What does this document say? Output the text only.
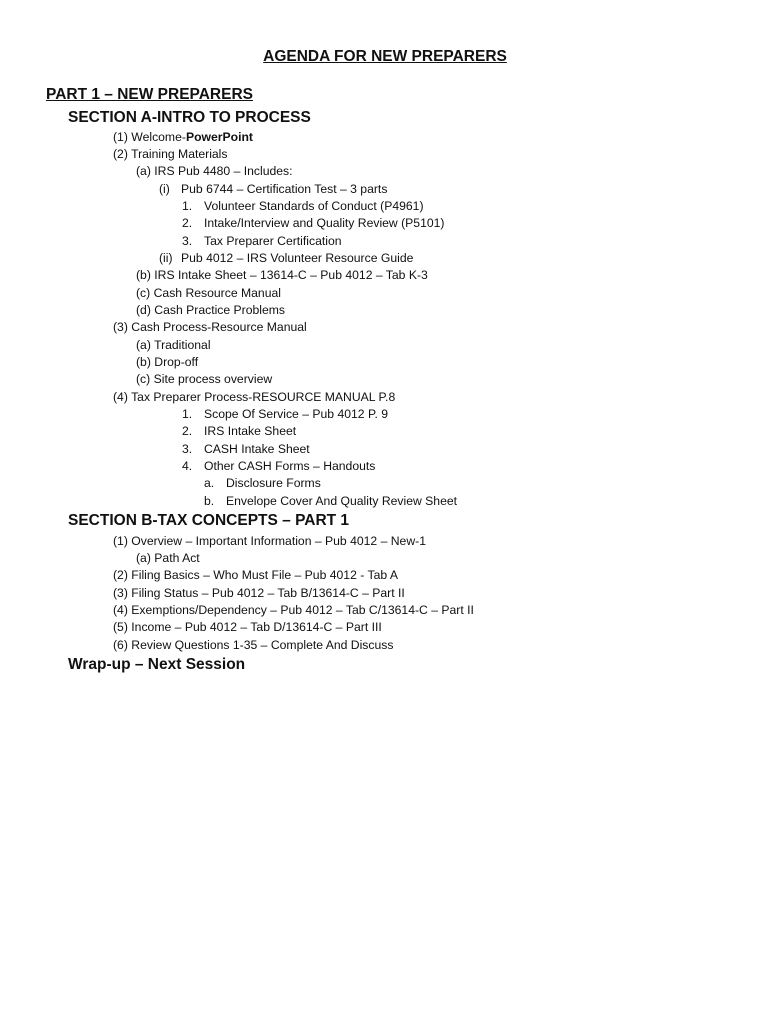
AGENDA FOR NEW PREPARERS
PART 1 – NEW PREPARERS
SECTION A-INTRO TO PROCESS
(1) Welcome-PowerPoint
(2) Training Materials
(a) IRS Pub 4480 – Includes:
(i) Pub 6744 – Certification Test – 3 parts
1. Volunteer Standards of Conduct (P4961)
2. Intake/Interview and Quality Review (P5101)
3. Tax Preparer Certification
(ii) Pub 4012 – IRS Volunteer Resource Guide
(b) IRS Intake Sheet – 13614-C – Pub 4012 – Tab K-3
(c) Cash Resource Manual
(d) Cash Practice Problems
(3) Cash Process-Resource Manual
(a) Traditional
(b) Drop-off
(c) Site process overview
(4) Tax Preparer Process-RESOURCE MANUAL P.8
1. Scope Of Service – Pub 4012 P. 9
2. IRS Intake Sheet
3. CASH Intake Sheet
4. Other CASH Forms – Handouts
a. Disclosure Forms
b. Envelope Cover And Quality Review Sheet
SECTION B-TAX CONCEPTS – PART 1
(1) Overview – Important Information – Pub 4012 – New-1
(a) Path Act
(2) Filing Basics – Who Must File – Pub 4012 - Tab A
(3) Filing Status – Pub 4012 – Tab B/13614-C – Part II
(4) Exemptions/Dependency – Pub 4012 – Tab C/13614-C – Part II
(5) Income – Pub 4012 – Tab D/13614-C – Part III
(6) Review Questions 1-35 – Complete And Discuss
Wrap-up – Next Session
